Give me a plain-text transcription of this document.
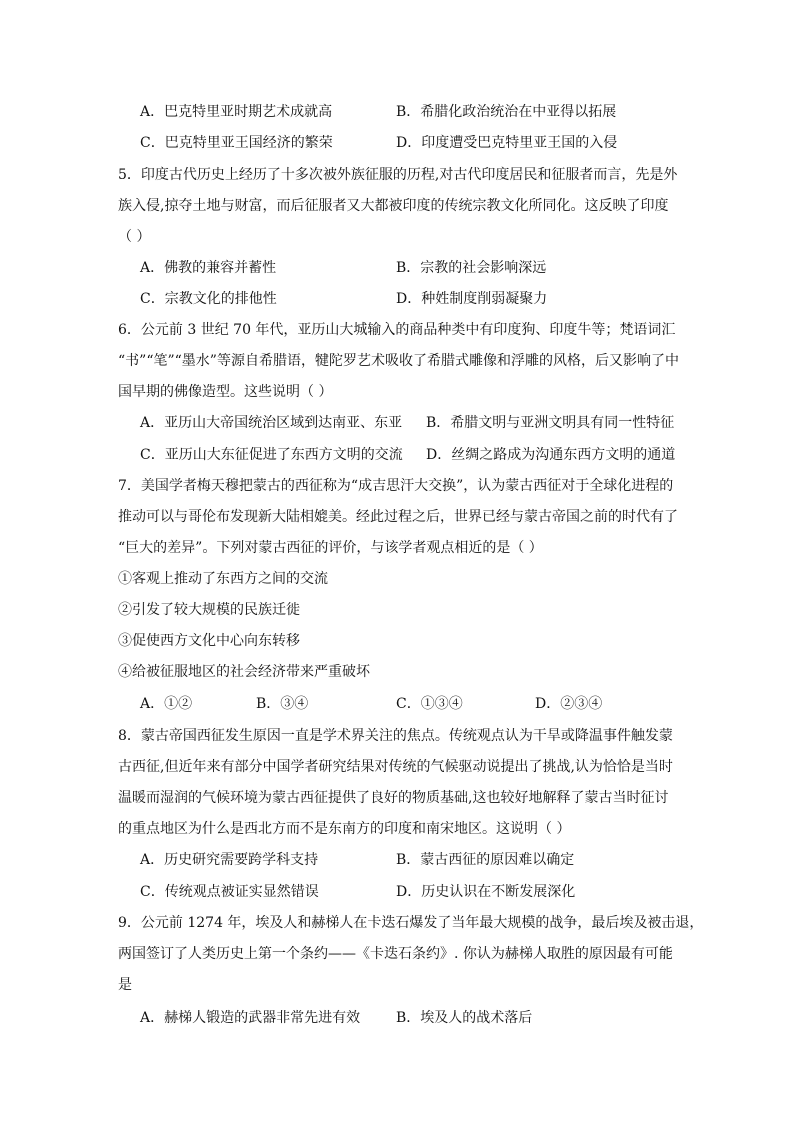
A．巴克特里亚时期艺术成就高	B．希腊化政治统治在中亚得以拓展
C．巴克特里亚王国经济的繁荣	D．印度遭受巴克特里亚王国的入侵
5．印度古代历史上经历了十多次被外族征服的历程,对古代印度居民和征服者而言，先是外
族入侵,掠夺土地与财富，而后征服者又大都被印度的传统宗教文化所同化。这反映了印度
（ ）
A．佛教的兼容并蓄性	B．宗教的社会影响深远
C．宗教文化的排他性	D．种姓制度削弱凝聚力
6．公元前 3 世纪 70 年代，亚历山大城输入的商品种类中有印度狗、印度牛等；梵语词汇
“书”“笔”“墨水”等源自希腊语，犍陀罗艺术吸收了希腊式雕像和浮雕的风格，后又影响了中
国早期的佛像造型。这些说明（ ）
A．亚历山大帝国统治区域到达南亚、东亚 B．希腊文明与亚洲文明具有同一性特征
C．亚历山大东征促进了东西方文明的交流 D．丝绸之路成为沟通东西方文明的通道
7．美国学者梅天穆把蒙古的西征称为“成吉思汗大交换”，认为蒙古西征对于全球化进程的
推动可以与哥伦布发现新大陆相媲美。经此过程之后，世界已经与蒙古帝国之前的时代有了
“巨大的差异”。下列对蒙古西征的评价，与该学者观点相近的是（ ）
①客观上推动了东西方之间的交流
②引发了较大规模的民族迁徙
③促使西方文化中心向东转移
④给被征服地区的社会经济带来严重破坏
A．①②	B．③④	C．①③④	D．②③④
8．蒙古帝国西征发生原因一直是学术界关注的焦点。传统观点认为干旱或降温事件触发蒙
古西征,但近年来有部分中国学者研究结果对传统的气候驱动说提出了挑战,认为恰恰是当时
温暖而湿润的气候环境为蒙古西征提供了良好的物质基础,这也较好地解释了蒙古当时征讨
的重点地区为什么是西北方而不是东南方的印度和南宋地区。这说明（ ）
A．历史研究需要跨学科支持	B．蒙古西征的原因难以确定
C．传统观点被证实显然错误	D．历史认识在不断发展深化
9．公元前 1274 年，埃及人和赫梯人在卡迭石爆发了当年最大规模的战争，最后埃及被击退，
两国签订了人类历史上第一个条约——《卡迭石条约》. 你认为赫梯人取胜的原因最有可能
是
A．赫梯人锻造的武器非常先进有效	B．埃及人的战术落后
